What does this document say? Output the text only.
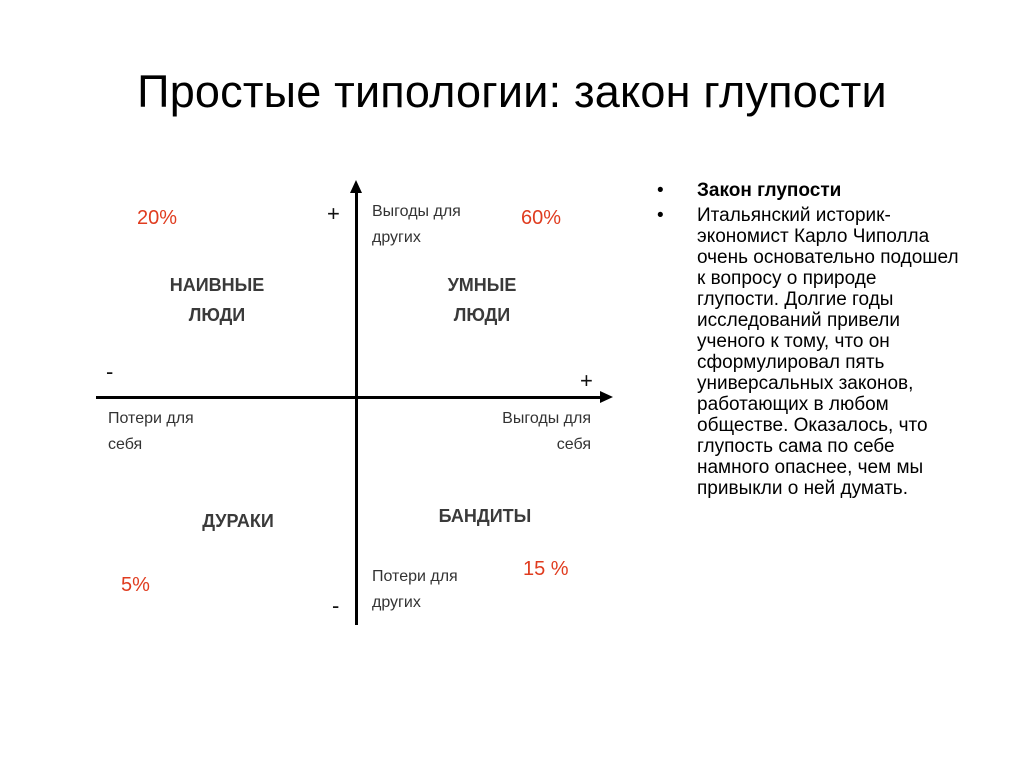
Простые типологии: закон глупости
+
-
-	+
Выгоды для
других
Потери для
других
Потери для
себя
Выгоды для
себя
НАИВНЫЕ
ЛЮДИ
УМНЫЕ
ЛЮДИ
ДУРАКИ	БАНДИТЫ
20%	60%
5%
15 %
• Закон глупости
• Итальянский историк-экономист Карло Чиполла очень основательно подошел к вопросу о природе глупости. Долгие годы исследований привели ученого к тому, что он сформулировал пять универсальных законов, работающих в любом обществе. Оказалось, что глупость сама по себе намного опаснее, чем мы привыкли о ней думать.
